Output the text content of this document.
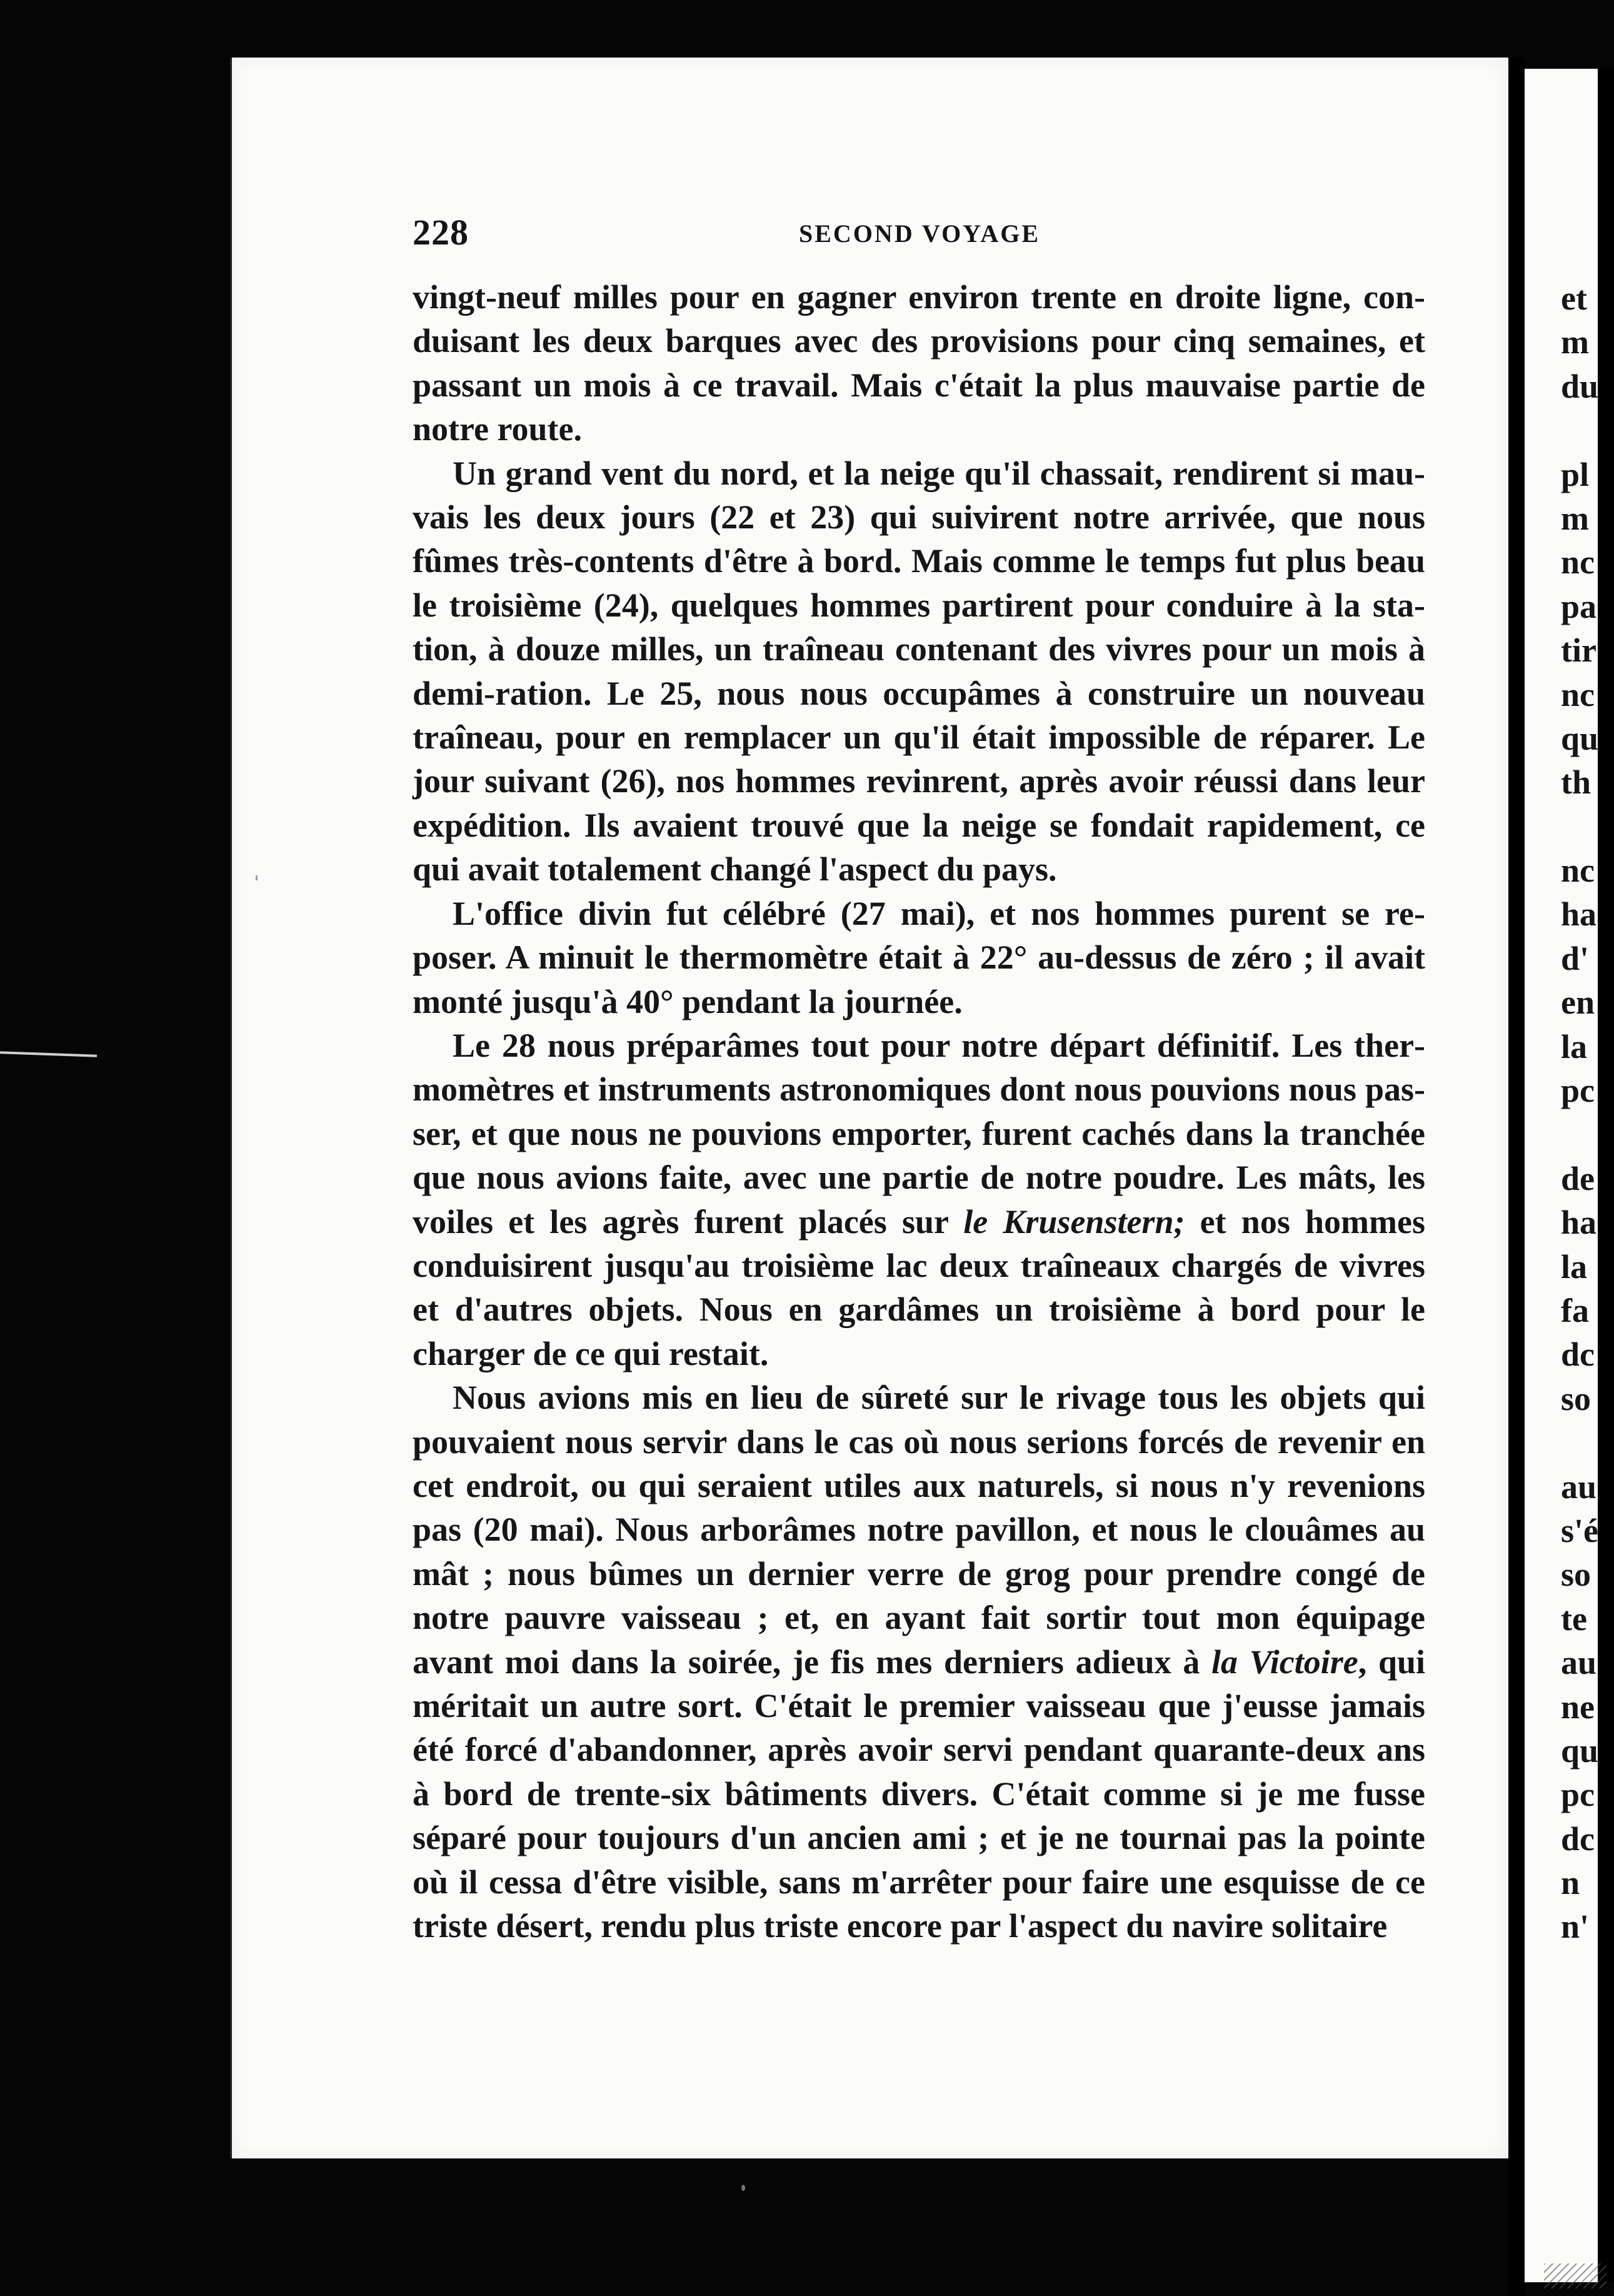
228	SECOND VOYAGE

vingt-neuf milles pour en gagner environ trente en droite ligne, conduisant les deux barques avec des provisions pour cinq semaines, et passant un mois à ce travail. Mais c'était la plus mauvaise partie de notre route.

Un grand vent du nord, et la neige qu'il chassait, rendirent si mauvais les deux jours (22 et 23) qui suivirent notre arrivée, que nous fûmes très-contents d'être à bord. Mais comme le temps fut plus beau le troisième (24), quelques hommes partirent pour conduire à la station, à douze milles, un traîneau contenant des vivres pour un mois à demi-ration. Le 25, nous nous occupâmes à construire un nouveau traîneau, pour en remplacer un qu'il était impossible de réparer. Le jour suivant (26), nos hommes revinrent, après avoir réussi dans leur expédition. Ils avaient trouvé que la neige se fondait rapidement, ce qui avait totalement changé l'aspect du pays.

L'office divin fut célébré (27 mai), et nos hommes purent se reposer. A minuit le thermomètre était à 22° au-dessus de zéro ; il avait monté jusqu'à 40° pendant la journée.

Le 28 nous préparâmes tout pour notre départ définitif. Les thermomètres et instruments astronomiques dont nous pouvions nous passer, et que nous ne pouvions emporter, furent cachés dans la tranchée que nous avions faite, avec une partie de notre poudre. Les mâts, les voiles et les agrès furent placés sur le Krusenstern; et nos hommes conduisirent jusqu'au troisième lac deux traîneaux chargés de vivres et d'autres objets. Nous en gardâmes un troisième à bord pour le charger de ce qui restait.

Nous avions mis en lieu de sûreté sur le rivage tous les objets qui pouvaient nous servir dans le cas où nous serions forcés de revenir en cet endroit, ou qui seraient utiles aux naturels, si nous n'y revenions pas (20 mai). Nous arborâmes notre pavillon, et nous le clouâmes au mât ; nous bûmes un dernier verre de grog pour prendre congé de notre pauvre vaisseau ; et, en ayant fait sortir tout mon équipage avant moi dans la soirée, je fis mes derniers adieux à la Victoire, qui méritait un autre sort. C'était le premier vaisseau que j'eusse jamais été forcé d'abandonner, après avoir servi pendant quarante-deux ans à bord de trente-six bâtiments divers. C'était comme si je me fusse séparé pour toujours d'un ancien ami ; et je ne tournai pas la pointe où il cessa d'être visible, sans m'arrêter pour faire une esquisse de ce triste désert, rendu plus triste encore par l'aspect du navire solitaire

et
m
du
pl
m
nc
pa
tir
nc
qu
th
nc
ha
d'
en
la
pc
de
ha
la
fa
dc
so
au
s'é
so
te
au
ne
qu
pc
dc
n
n'
